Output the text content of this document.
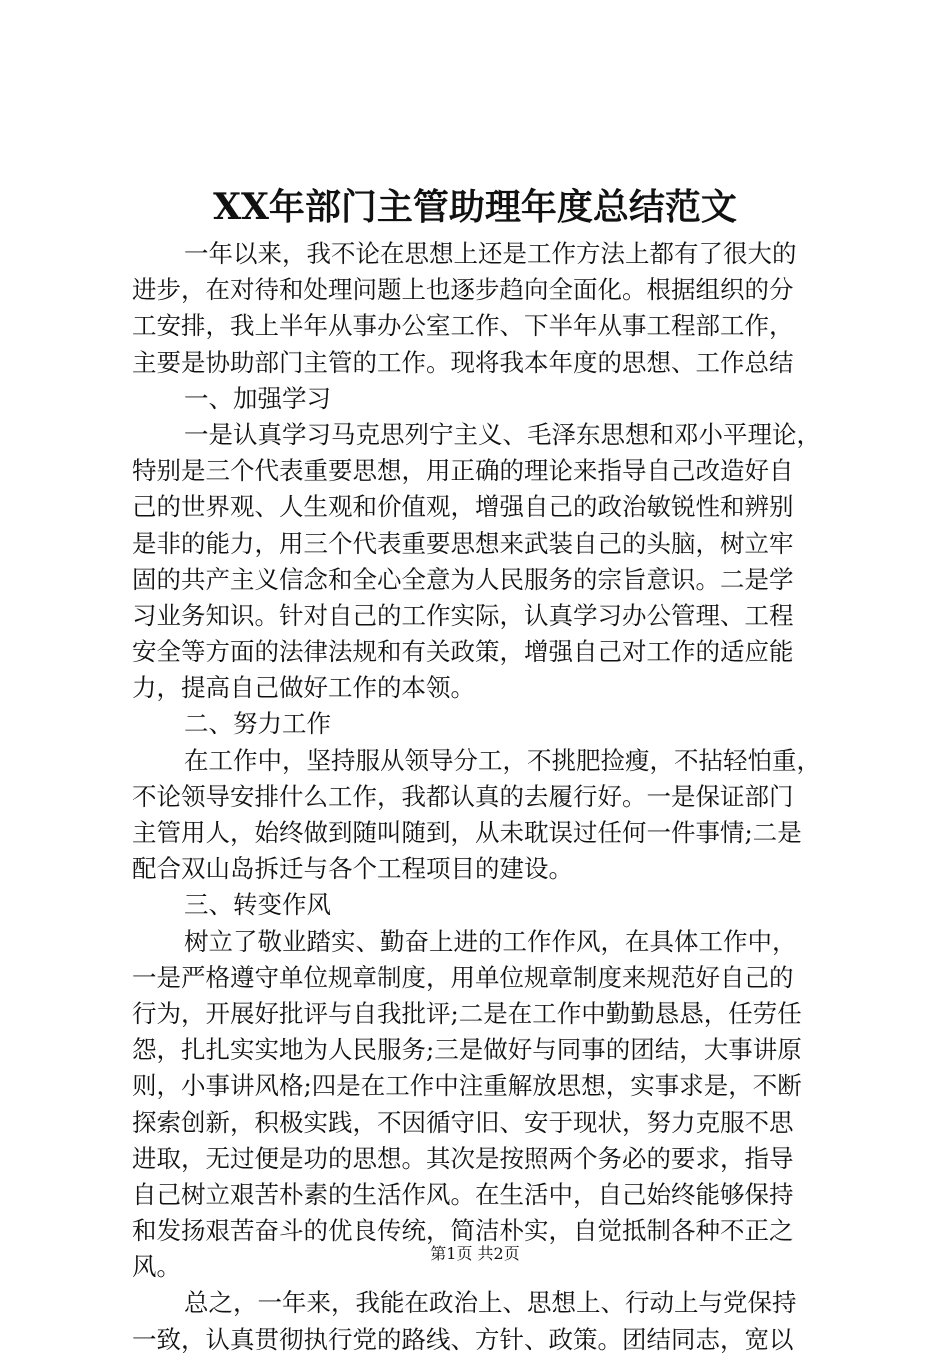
XX年部门主管助理年度总结范文
一年以来，我不论在思想上还是工作方法上都有了很大的
进步，在对待和处理问题上也逐步趋向全面化。根据组织的分
工安排，我上半年从事办公室工作、下半年从事工程部工作，
主要是协助部门主管的工作。现将我本年度的思想、工作总结
一、加强学习
一是认真学习马克思列宁主义、毛泽东思想和邓小平理论，
特别是三个代表重要思想，用正确的理论来指导自己改造好自
己的世界观、人生观和价值观，增强自己的政治敏锐性和辨别
是非的能力，用三个代表重要思想来武装自己的头脑，树立牢
固的共产主义信念和全心全意为人民服务的宗旨意识。二是学
习业务知识。针对自己的工作实际，认真学习办公管理、工程
安全等方面的法律法规和有关政策，增强自己对工作的适应能
力，提高自己做好工作的本领。
二、努力工作
在工作中，坚持服从领导分工，不挑肥捡瘦，不拈轻怕重，
不论领导安排什么工作，我都认真的去履行好。一是保证部门
主管用人，始终做到随叫随到，从未耽误过任何一件事情;二是
配合双山岛拆迁与各个工程项目的建设。
三、转变作风
树立了敬业踏实、勤奋上进的工作作风，在具体工作中，
一是严格遵守单位规章制度，用单位规章制度来规范好自己的
行为，开展好批评与自我批评;二是在工作中勤勤恳恳，任劳任
怨，扎扎实实地为人民服务;三是做好与同事的团结，大事讲原
则，小事讲风格;四是在工作中注重解放思想，实事求是，不断
探索创新，积极实践，不因循守旧、安于现状，努力克服不思
进取，无过便是功的思想。其次是按照两个务必的要求，指导
自己树立艰苦朴素的生活作风。在生活中，自己始终能够保持
和发扬艰苦奋斗的优良传统，简洁朴实，自觉抵制各种不正之
风。
总之，一年来，我能在政治上、思想上、行动上与党保持
一致，认真贯彻执行党的路线、方针、政策。团结同志，宽以
第1页 共2页
